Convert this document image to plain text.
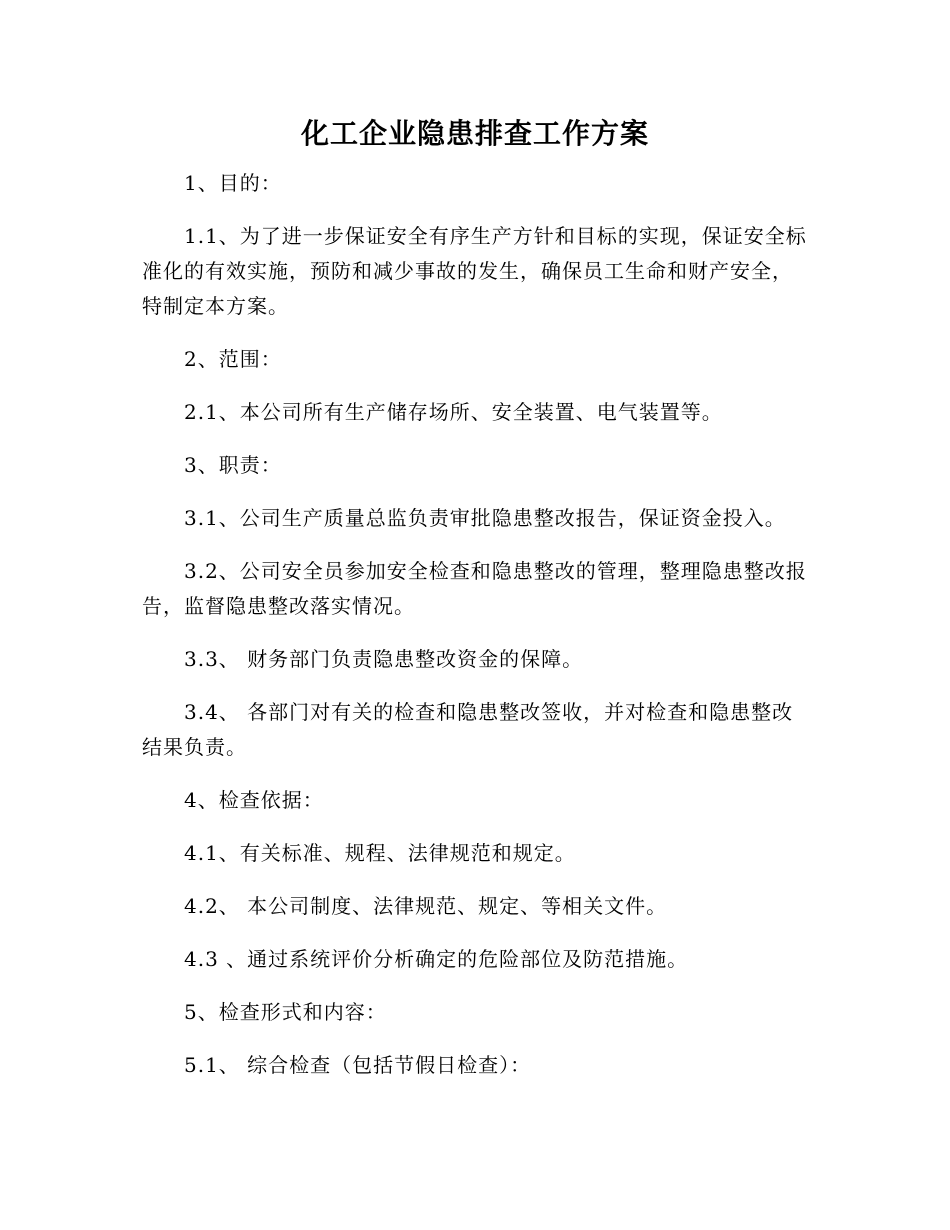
化工企业隐患排查工作方案

1、目的：

1.1、为了进一步保证安全有序生产方针和目标的实现，保证安全标准化的有效实施，预防和减少事故的发生，确保员工生命和财产安全，特制定本方案。

2、范围：

2.1、本公司所有生产储存场所、安全装置、电气装置等。

3、职责：

3.1、公司生产质量总监负责审批隐患整改报告，保证资金投入。

3.2、公司安全员参加安全检查和隐患整改的管理，整理隐患整改报告，监督隐患整改落实情况。

3.3、 财务部门负责隐患整改资金的保障。

3.4、 各部门对有关的检查和隐患整改签收，并对检查和隐患整改结果负责。

4、检查依据：

4.1、有关标准、规程、法律规范和规定。

4.2、 本公司制度、法律规范、规定、等相关文件。

4.3 、通过系统评价分析确定的危险部位及防范措施。

5、检查形式和内容：

5.1、 综合检查（包括节假日检查）：
